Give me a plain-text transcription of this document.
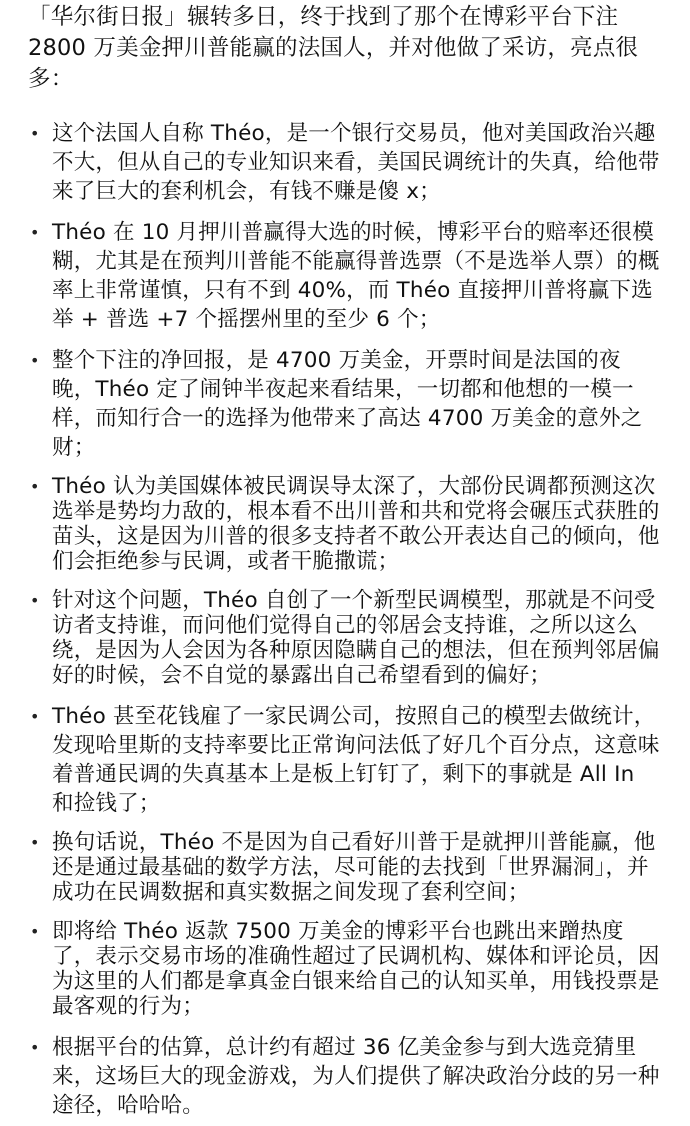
「华尔街日报」辗转多日，终于找到了那个在博彩平台下注 2800 万美金押川普能赢的法国人，并对他做了采访，亮点很多：

• 这个法国人自称 Théo，是一个银行交易员，他对美国政治兴趣不大，但从自己的专业知识来看，美国民调统计的失真，给他带来了巨大的套利机会，有钱不赚是傻 x；
• Théo 在 10 月押川普赢得大选的时候，博彩平台的赔率还很模糊，尤其是在预判川普能不能赢得普选票（不是选举人票）的概率上非常谨慎，只有不到 40%，而 Théo 直接押川普将赢下选举 + 普选 +7 个摇摆州里的至少 6 个；
• 整个下注的净回报，是 4700 万美金，开票时间是法国的夜晚，Théo 定了闹钟半夜起来看结果，一切都和他想的一模一样，而知行合一的选择为他带来了高达 4700 万美金的意外之财；
• Théo 认为美国媒体被民调误导太深了，大部份民调都预测这次选举是势均力敌的，根本看不出川普和共和党将会碾压式获胜的苗头，这是因为川普的很多支持者不敢公开表达自己的倾向，他们会拒绝参与民调，或者干脆撒谎；
• 针对这个问题，Théo 自创了一个新型民调模型，那就是不问受访者支持谁，而问他们觉得自己的邻居会支持谁，之所以这么绕，是因为人会因为各种原因隐瞒自己的想法，但在预判邻居偏好的时候，会不自觉的暴露出自己希望看到的偏好；
• Théo 甚至花钱雇了一家民调公司，按照自己的模型去做统计，发现哈里斯的支持率要比正常询问法低了好几个百分点，这意味着普通民调的失真基本上是板上钉钉了，剩下的事就是 All In 和捡钱了；
• 换句话说，Théo 不是因为自己看好川普于是就押川普能赢，他还是通过最基础的数学方法，尽可能的去找到「世界漏洞」，并成功在民调数据和真实数据之间发现了套利空间；
• 即将给 Théo 返款 7500 万美金的博彩平台也跳出来蹭热度了，表示交易市场的准确性超过了民调机构、媒体和评论员，因为这里的人们都是拿真金白银来给自己的认知买单，用钱投票是最客观的行为；
• 根据平台的估算，总计约有超过 36 亿美金参与到大选竞猜里来，这场巨大的现金游戏，为人们提供了解决政治分歧的另一种途径，哈哈哈。
